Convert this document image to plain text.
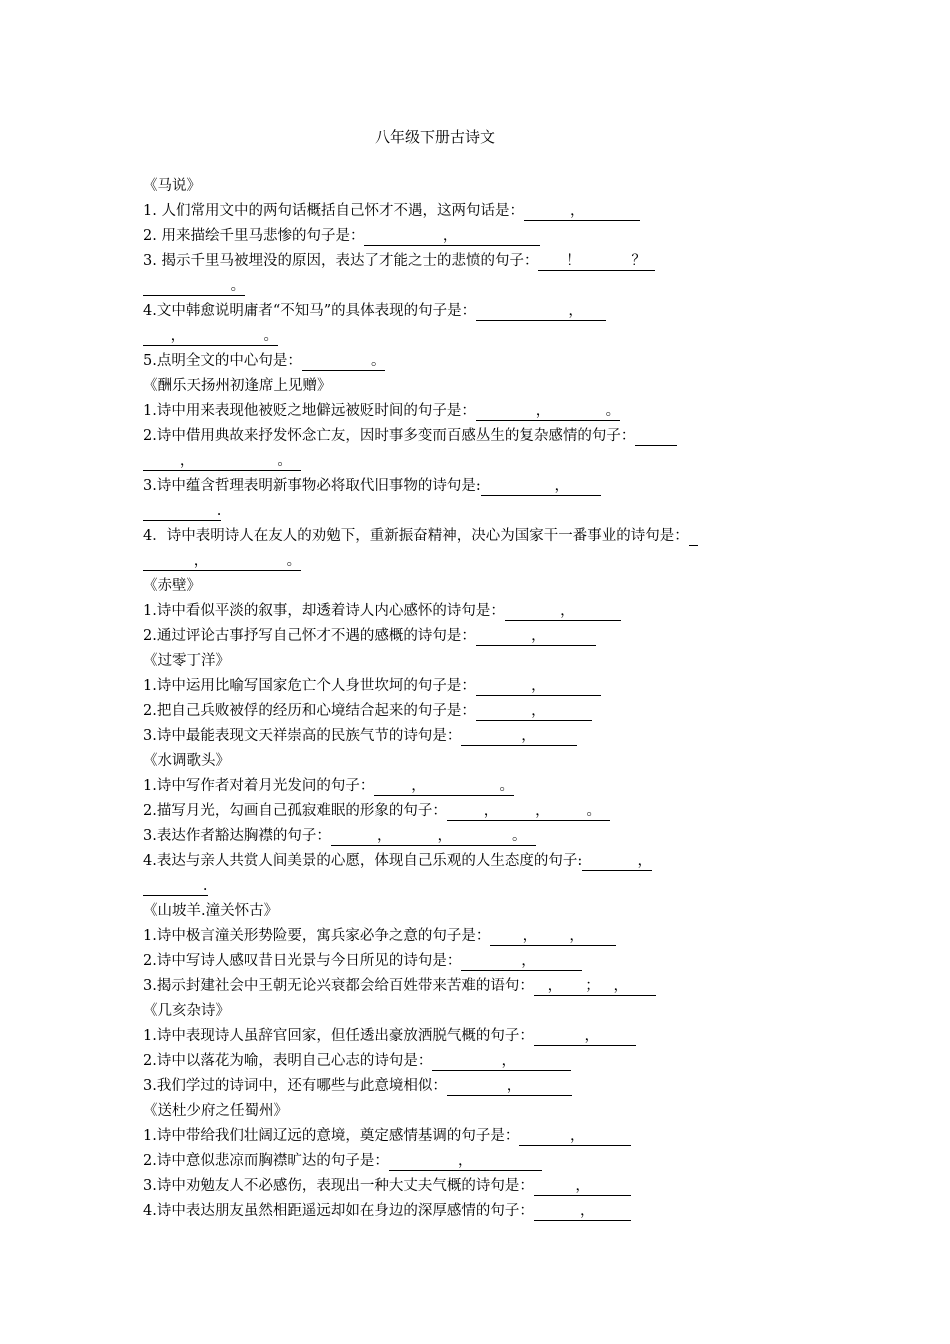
八年级下册古诗文
《马说》
1. 人们常用文中的两句话概括自己怀才不遇，这两句话是：	，
2. 用来描绘千里马悲惨的句子是：	，
3. 揭示千里马被埋没的原因，表达了才能之士的悲愤的句子： ！	？
。
4.文中韩愈说明庸者“不知马”的具体表现的句子是：	，
，	。
5.点明全文的中心句是：	。
《酬乐天扬州初逢席上见赠》
1.诗中用来表现他被贬之地僻远被贬时间的句子是：	，	。
2.诗中借用典故来抒发怀念亡友，因时事多变而百感丛生的复杂感情的句子：
，	。
3.诗中蕴含哲理表明新事物必将取代旧事物的诗句是:	，
.
4．诗中表明诗人在友人的劝勉下，重新振奋精神，决心为国家干一番事业的诗句是：
，	。
《赤壁》
1.诗中看似平淡的叙事，却透着诗人内心感怀的诗句是：	，
2.通过评论古事抒写自己怀才不遇的感概的诗句是：	，
《过零丁洋》
1.诗中运用比喻写国家危亡个人身世坎坷的句子是：	，
2.把自己兵败被俘的经历和心境结合起来的句子是：	，
3.诗中最能表现文天祥崇高的民族气节的诗句是：	，
《水调歌头》
1.诗中写作者对着月光发问的句子：	，	。
2.描写月光，勾画自己孤寂难眠的形象的句子：	，	，	。
3.表达作者豁达胸襟的句子：	，	，	。
4.表达与亲人共赏人间美景的心愿，体现自己乐观的人生态度的句子:	，
.
《山坡羊.潼关怀古》
1.诗中极言潼关形势险要，寓兵家必争之意的句子是： ， ，
2.诗中写诗人感叹昔日光景与今日所见的诗句是：	，
3.揭示封建社会中王朝无论兴衰都会给百姓带来苦难的语句： ， ； ，
《几亥杂诗》
1.诗中表现诗人虽辞官回家，但任透出豪放洒脱气概的句子：	，
2.诗中以落花为喻，表明自己心志的诗句是：	，
3.我们学过的诗词中，还有哪些与此意境相似：	，
《送杜少府之任蜀州》
1.诗中带给我们壮阔辽远的意境，奠定感情基调的句子是：	，
2.诗中意似悲凉而胸襟旷达的句子是：	，
3.诗中劝勉友人不必感伤，表现出一种大丈夫气概的诗句是：	，
4.诗中表达朋友虽然相距遥远却如在身边的深厚感情的句子：	，
